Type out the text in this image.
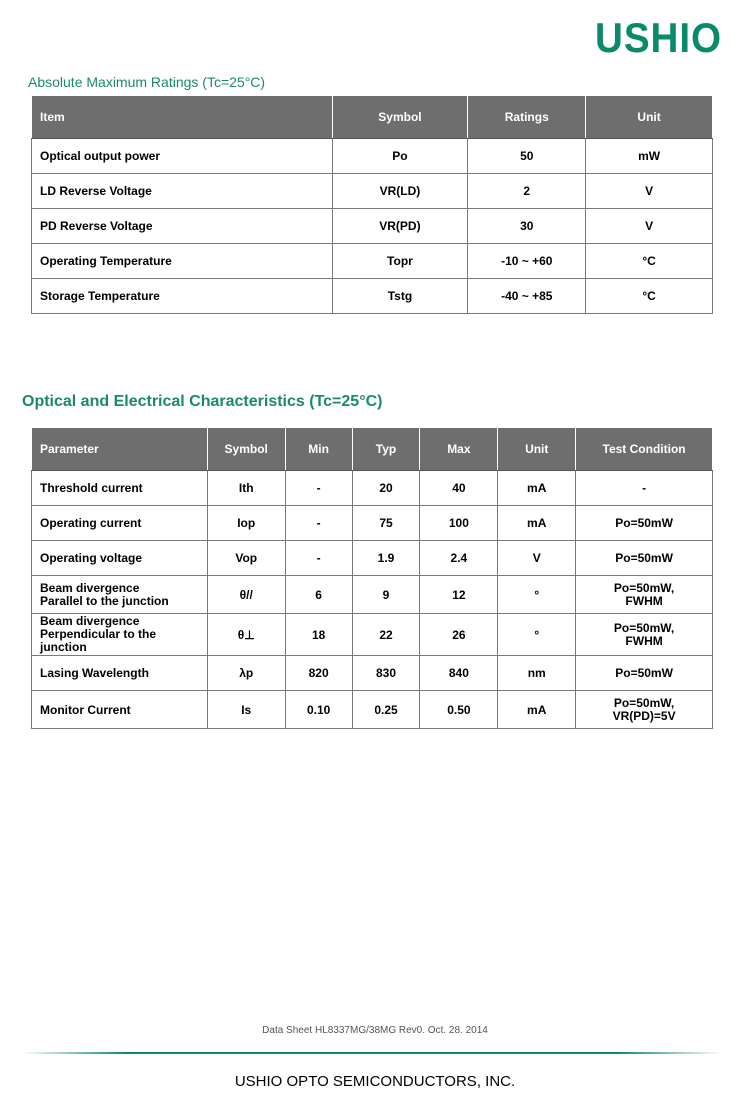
USHIO
Absolute Maximum Ratings (Tc=25°C)
Item	Symbol	Ratings	Unit
Optical output power	Po	50	mW
LD Reverse Voltage	VR(LD)	2	V
PD Reverse Voltage	VR(PD)	30	V
Operating Temperature	Topr	-10 ~ +60	°C
Storage Temperature	Tstg	-40 ~ +85	°C
Optical and Electrical Characteristics (Tc=25°C)
Parameter	Symbol	Min	Typ	Max	Unit	Test Condition
Threshold current	Ith	-	20	40	mA	-
Operating current	Iop	-	75	100	mA	Po=50mW
Operating voltage	Vop	-	1.9	2.4	V	Po=50mW

Beam divergence
Parallel to the junction	θ//	6	9	12	°	Po=50mW,
FWHM

Beam divergence
Perpendicular to the junction	θ⊥	18	22	26	°	Po=50mW,
FWHM

Lasing Wavelength	λp	820	830	840	nm	Po=50mW
Monitor Current	Is	0.10	0.25	0.50	mA	Po=50mW,
VR(PD)=5V
Data Sheet HL8337MG/38MG Rev0. Oct. 28. 2014
USHIO OPTO SEMICONDUCTORS, INC.
